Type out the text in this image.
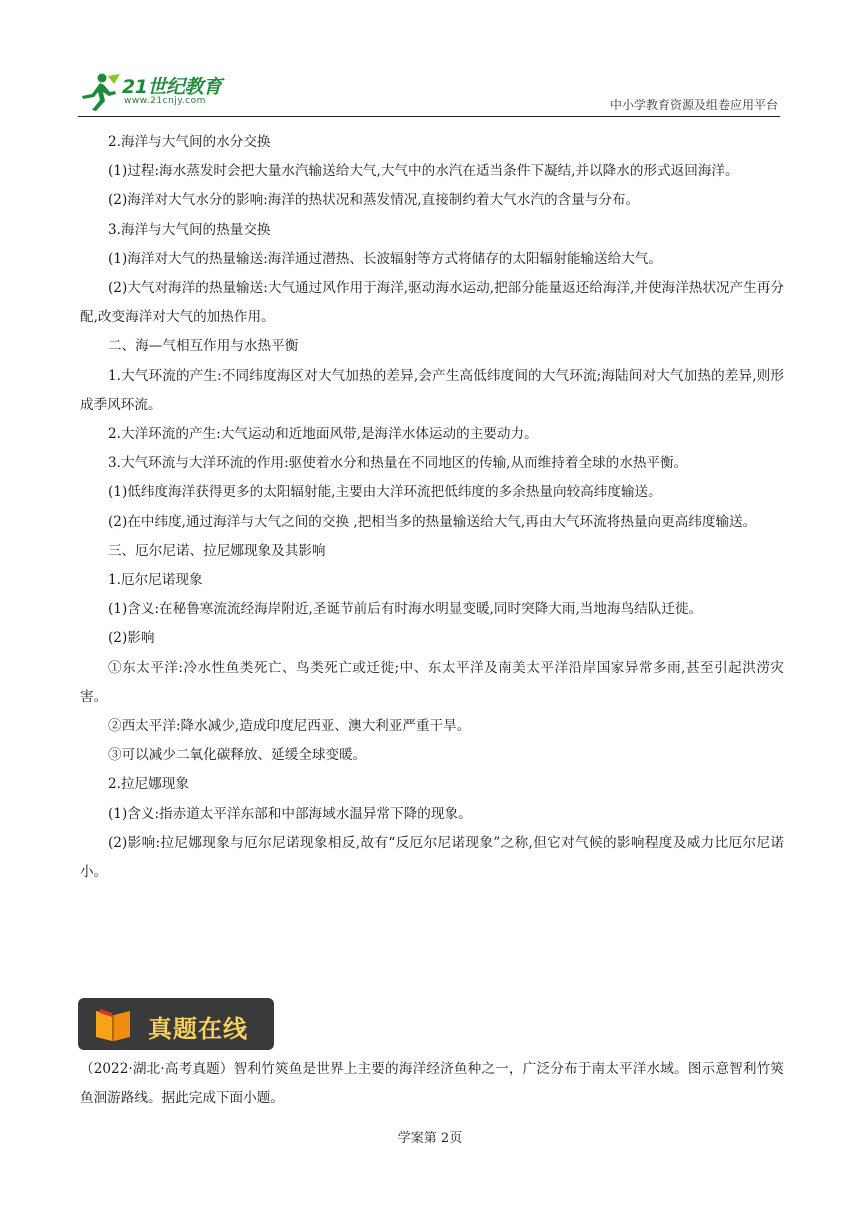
21世纪教育
www.21cnjy.com	中小学教育资源及组卷应用平台

2.海洋与大气间的水分交换

(1)过程:海水蒸发时会把大量水汽输送给大气,大气中的水汽在适当条件下凝结,并以降水的形式返回海洋。

(2)海洋对大气水分的影响:海洋的热状况和蒸发情况,直接制约着大气水汽的含量与分布。

3.海洋与大气间的热量交换

(1)海洋对大气的热量输送:海洋通过潜热、长波辐射等方式将储存的太阳辐射能输送给大气。

(2)大气对海洋的热量输送:大气通过风作用于海洋,驱动海水运动,把部分能量返还给海洋,并使海洋热状况产生再分配,改变海洋对大气的加热作用。

二、海—气相互作用与水热平衡

1.大气环流的产生:不同纬度海区对大气加热的差异,会产生高低纬度间的大气环流;海陆间对大气加热的差异,则形成季风环流。

2.大洋环流的产生:大气运动和近地面风带,是海洋水体运动的主要动力。

3.大气环流与大洋环流的作用:驱使着水分和热量在不同地区的传输,从而维持着全球的水热平衡。

(1)低纬度海洋获得更多的太阳辐射能,主要由大洋环流把低纬度的多余热量向较高纬度输送。

(2)在中纬度,通过海洋与大气之间的交换 ,把相当多的热量输送给大气,再由大气环流将热量向更高纬度输送。

三、厄尔尼诺、拉尼娜现象及其影响

1.厄尔尼诺现象

(1)含义:在秘鲁寒流流经海岸附近,圣诞节前后有时海水明显变暖,同时突降大雨,当地海鸟结队迁徙。

(2)影响

①东太平洋:冷水性鱼类死亡、鸟类死亡或迁徙;中、东太平洋及南美太平洋沿岸国家异常多雨,甚至引起洪涝灾害。

②西太平洋:降水减少,造成印度尼西亚、澳大利亚严重干旱。

③可以减少二氧化碳释放、延缓全球变暖。

2.拉尼娜现象

(1)含义:指赤道太平洋东部和中部海域水温异常下降的现象。

(2)影响:拉尼娜现象与厄尔尼诺现象相反,故有“反厄尔尼诺现象”之称,但它对气候的影响程度及威力比厄尔尼诺小。

真题在线

（2022·湖北·高考真题）智利竹筴鱼是世界上主要的海洋经济鱼种之一，广泛分布于南太平洋水域。图示意智利竹筴鱼洄游路线。据此完成下面小题。

学案第 2页
